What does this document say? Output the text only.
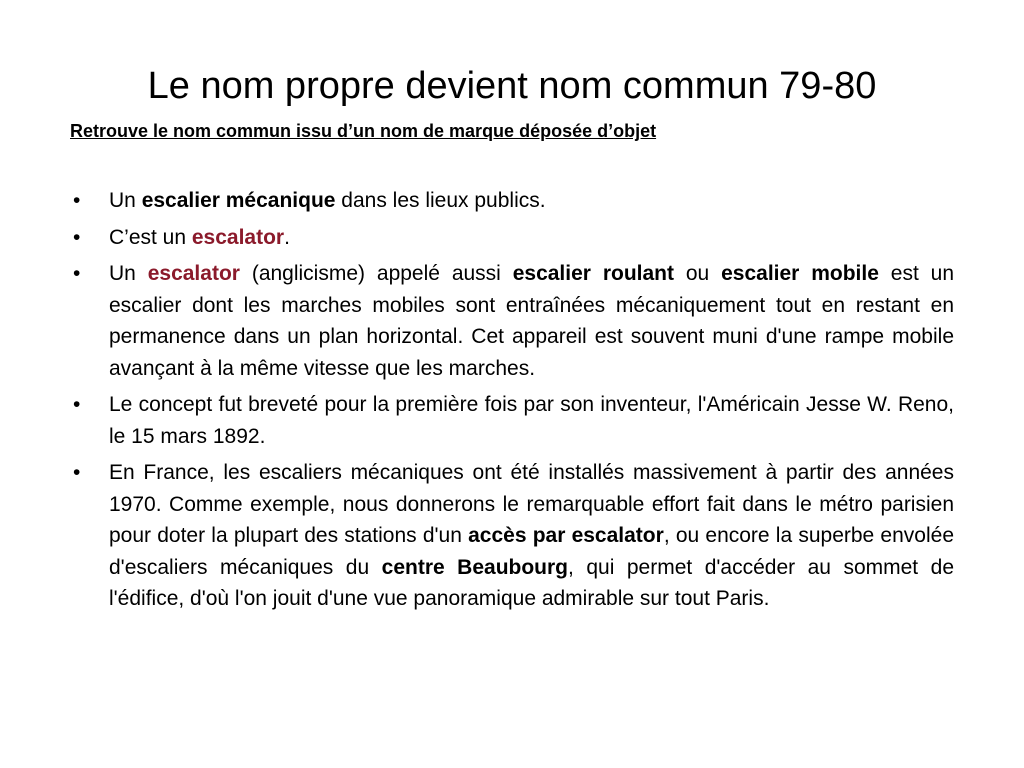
Le nom propre devient nom commun 79-80

Retrouve le nom commun issu d’un nom de marque déposée d’objet

• Un escalier mécanique dans les lieux publics.
• C’est un escalator.
• Un escalator (anglicisme) appelé aussi escalier roulant ou escalier mobile est un escalier dont les marches mobiles sont entraînées mécaniquement tout en restant en permanence dans un plan horizontal. Cet appareil est souvent muni d'une rampe mobile avançant à la même vitesse que les marches.
• Le concept fut breveté pour la première fois par son inventeur, l'Américain Jesse W. Reno, le 15 mars 1892.
• En France, les escaliers mécaniques ont été installés massivement à partir des années 1970. Comme exemple, nous donnerons le remarquable effort fait dans le métro parisien pour doter la plupart des stations d'un accès par escalator, ou encore la superbe envolée d'escaliers mécaniques du centre Beaubourg, qui permet d'accéder au sommet de l'édifice, d'où l'on jouit d'une vue panoramique admirable sur tout Paris.
